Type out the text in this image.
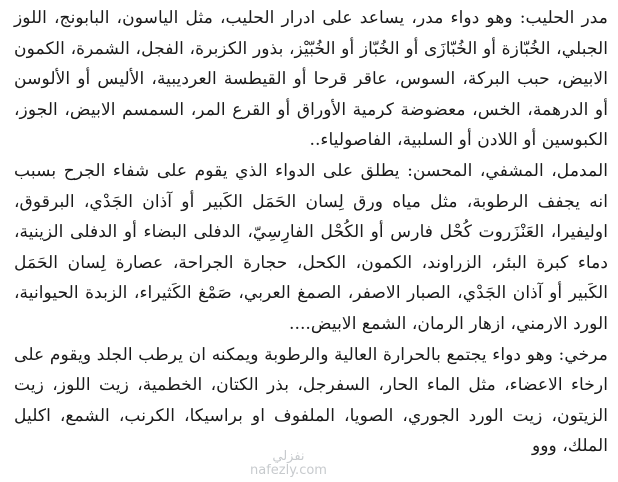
مدر الحليب: وهو دواء مدر، يساعد على ادرار الحليب، مثل الياسون، البابونج، اللوز الجبلي، الخُبّازة أو الخُبّازَى أو الخُبّاز أو الخُبّيْز، بذور الكزبرة، الفجل، الشمرة، الكمون الابيض، حبب البركة، السوس، عاقر قرحا أو القيطسة العرديبية، الأليس أو الألوسن أو الدرهمة، الخس، معضوضة كرمية الأوراق أو القرع المر، السمسم الابيض، الجوز، الكبوسين أو اللادن أو السلبية، الفاصولياء..

المدمل، المشفي، المحسن: يطلق على الدواء الذي يقوم على شفاء الجرح بسبب انه يجفف الرطوبة، مثل مياه ورق لِسان الحَمَل الكَبير أو آذان الجَدْي، البرقوق، اوليفيرا، العَنْزَروت كُحْل فارس أو الكُحْل الفارِسِيّ، الدفلى البضاء أو الدفلى الزينية، دماء كبرة البئر، الزراوند، الكمون، الكحل، حجارة الجراحة، عصارة لِسان الحَمَل الكَبير أو آذان الجَدْي، الصبار الاصفر، الصمغ العربي، صَمْغ الكَثيراء، الزبدة الحيوانية، الورد الارمني، ازهار الرمان، الشمع الابيض....

مرخي: وهو دواء يجتمع بالحرارة العالية والرطوبة ويمكنه ان يرطب الجلد ويقوم على ارخاء الاعضاء، مثل الماء الحار، السفرجل، بذر الكتان، الخطمية، زيت اللوز، زيت الزيتون، زيت الورد الجوري، الصويا، الملفوف او براسيكا، الكرنب، الشمع، اكليل الملك، ووو

نفزلي
nafezly.com
